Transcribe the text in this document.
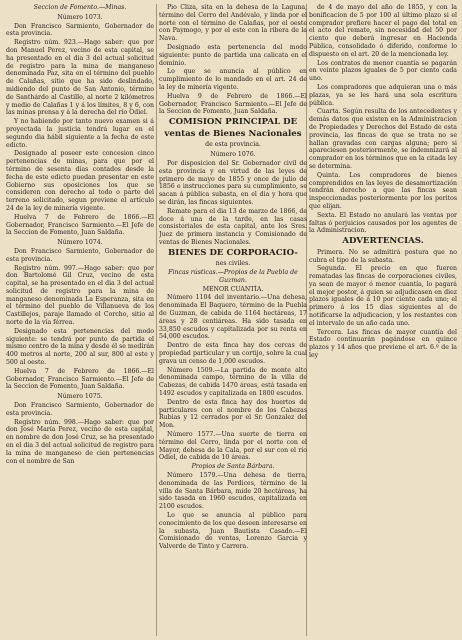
Seccion de Fomento.—Minas.

Número 1073.

Don Francisco Sarmiento, Gobernador de esta provincia.

Registro núm. 923.—Hago saber: que por don Manuel Perez, vecino de esta capital, se ha presentado en el dia 3 del actual solicitud de registro para la mina de manganeso denominada Paz, sita en el término del pueblo de Calañas, sitio que ha sido deslindado, midiendo del punto de San Antonio, término de Santhárdo al Castillo, al norte 2 kilómetros y medio de Calañas 1 y á los límites, 8 y 6, con las minas prensa y á la derecha del río Odiel.

Y no habiendo por tanto nuevo examen si á proyectada la justicia tendrá lugar en el segundo dia hábil siguiente a la fecha de este edicto.

Designado al poseer este concesion cinco pertenencias de minas, para que por el término de sesenta días contados desde la fecha de este edicto puedan presentar en este Gobierno sus oposiciones los que se consideren con derecho al todo o parte del terreno solicitado, segun previene el artículo 24 de la ley de minería vigente.

Huelva 7 de Febrero de 1866.—El Gobernador, Francisco Sarmiento.—El Jefe de la Seccion de Fomento, Juan Saldaña.

Número 1074.

Don Francisco Sarmiento, Gobernador de esta provincia.

Registro núm. 997.—Hago saber: que por don Bartolomé Gil Cruz, vecino de esta capital, se ha presentado en el dia 3 del actual solicitud de registro para la mina de manganeso denominada La Esperanza, sita en el término del pueblo de Villanueva de los Castillejos, paraje llamado el Corcho, sitio al norte de la vía férrea.

Designado esta pertenencias del modo siguiente: se tendrá por punto de partida el mismo centro de la mina y desde él se medirán 400 metros al norte, 200 al sur, 800 al este y 500 al oeste.

Huelva 7 de Febrero de 1866.—El Gobernador, Francisco Sarmiento.—El Jefe de la Seccion de Fomento, Juan Saldaña.

Número 1075.

Don Francisco Sarmiento, Gobernador de esta provincia.

Registro núm. 998.—Hago saber: que por don José María Perez, vecino de esta capital, en nombre de don José Cruz, se ha presentado en el dia 3 del actual solicitud de registro para la mina de manganeso de cien pertenencias con el nombre de San

Pio Cliza, sita en la dehesa de la Laguna, término del Cerro del Andévalo, y linda por el norte con el término de Calañas, por el oeste con Paymogo, y por el este con la ribera de la Nava.

Designado esta pertenencia del modo siguiente: punto de partida una calicata en el dominio.

Lo que se anuncia al público en cumplimiento de lo mandado en el art. 24 de la ley de minería vigente.

Huelva 9 de Febrero de 1866.—El Gobernador, Francisco Sarmiento.—El Jefe de la Seccion de Fomento, Juan Saldaña.

COMISION PRINCIPAL DE

ventas de Bienes Nacionales

de esta provincia.

Número 1076.

Por disposicion del Sr. Gobernador civil de esta provincia y en virtud de las leyes de primero de mayo de 1855 y once de julio de 1856 e instrucciones para su cumplimiento, se sacan á pública subasta, en el dia y hora que se dirán, las fincas siguientes.

Remate para el dia 13 de marzo de 1866, de doce á una de la tarde, en las casas consistoriales de esta capital, ante los Sres. Juez de primera instancia y Comisionado de ventas de Bienes Nacionales.

BIENES DE CORPORACIO-

nes civiles.

Fincas rústicas.—Propios de la Puebla de Guzman.

MENOR CUANTÍA.

Número 1104 del inventario.—Una dehesa, denominada El Baquero, término de la Puebla de Guzman, de cabida de 1164 hectáreas, 17 áreas y 28 centiáreas. Ha sido tasada en 33,850 escudos y capitalizada por su renta en 54,000 escudos.

Dentro de esta finca hay dos cercas de propiedad particular y un cortijo, sobre la cual grava un censo de 1,000 escudos.

Número 1509.—La partida de monte alto denominada campo, término de la villa de Cabezas, de cabida 1470 áreas, está tasada en 1492 escudos y capitalizada en 1800 escudos.

Dentro de esta finca hay dos huertos de particulares con el nombre de los Cabezas Rubias y 12 cerrados por el Sr. Gonzalez del Mon.

Número 1577.—Una suerte de tierra en término del Cerro, linda por el norte con el Mayor, dehesa de la Cala, por el sur con el río Odiel, de cabida de 10 áreas.

Propios de Santa Bárbara.

Número 1579.—Una dehesa de tierra, denominada de las Perdices, término de la villa de Santa Bárbara, mide 20 hectáreas, ha sido tasada en 1960 escudos, capitalizada en 2100 escudos.

Lo que se anuncia al público para conocimiento de los que deseen interesarse en la subasta, Juan Bautista Casado.—El Comisionado de ventas, Lorenzo Garcia y Valverde de Tinto y Carrera.

de 4 de mayo del año de 1855, y con la bonificacion de 5 por 100 al último plazo si el comprador prefiere hacer el pago del total en el acto del remate, sin necesidad del 50 por ciento que deberá ingresar en Hacienda Pública, consolidado ó diferido, conforme lo dispuesto en el art. 20 de la mencionada ley.

Los contratos de menor cuantía se pagarán en veinte plazos iguales de 5 por ciento cada uno.

Los compradores que adquieran una o más plazas, ya se les hará una sola escritura pública.

Cuarta. Según resulta de los antecedentes y demás datos que existen en la Administracion de Propiedades y Derechos del Estado de esta provincia, las fincas de que se trata no se hallan gravadas con cargas alguna; pero si apareciesen posteriormente, se indemnizará al comprador en los términos que en la citada ley se determina.

Quinta. Los compradores de bienes comprendidos en las leyes de desamortización tendrán derecho a que las fincas sean inspeccionadas posteriormente por los peritos que elijan.

Sexta. El Estado no anulará las ventas por faltas ó perjuicios causados por los agentes de la Administracion.

ADVERTENCIAS.

Primera. No se admitirá postura que no cubra el tipo de la subasta.

Segunda. El precio en que fueren rematadas las fincas de corporaciones civiles, ya sean de mayor ó menor cuantía, lo pagará el mejor postor, á quien se adjudicasen en diez plazos iguales de á 10 por ciento cada uno; el primero á los 15 dias siguientes al de notificarse la adjudicacion, y los restantes con el intervalo de un año cada uno.

Tercera. Las fincas de mayor cuantía del Estado continuarán pagándose en quince plazos y 14 años que previene el art. 6.º de la ley
